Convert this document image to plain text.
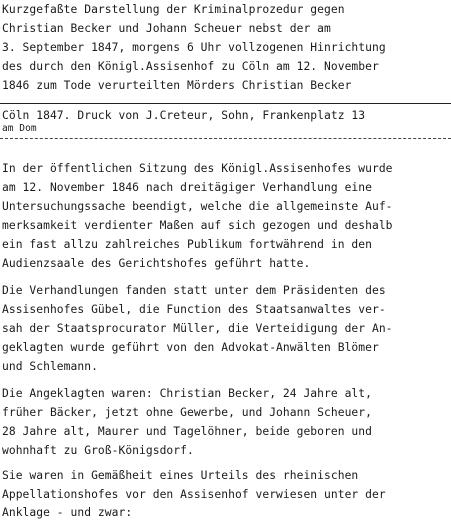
Kurzgefaßte Darstellung der Kriminalprozedur gegen
Christian Becker und Johann Scheuer nebst der am
3. September 1847, morgens 6 Uhr vollzogenen Hinrichtung
des durch den Königl.Assisenhof zu Cöln am 12. November
1846 zum Tode verurteilten Mörders Christian Becker
Cöln 1847. Druck von J.Creteur, Sohn, Frankenplatz 13
am Dom
In der öffentlichen Sitzung des Königl.Assisenhofes wurde
am 12. November 1846 nach dreitägiger Verhandlung eine
Untersuchungssache beendigt, welche die allgemeinste Auf-
merksamkeit verdienter Maßen auf sich gezogen und deshalb
ein fast allzu zahlreiches Publikum fortwährend in den
Audienzsaale des Gerichtshofes geführt hatte.
Die Verhandlungen fanden statt unter dem Präsidenten des
Assisenhofes Gübel, die Function des Staatsanwaltes ver-
sah der Staatsprocurator Müller, die Verteidigung der An-
geklagten wurde geführt von den Advokat-Anwälten Blömer
und Schlemann.
Die Angeklagten waren: Christian Becker, 24 Jahre alt,
früher Bäcker, jetzt ohne Gewerbe, und Johann Scheuer,
28 Jahre alt, Maurer und Tagelöhner, beide geboren und
wohnhaft zu Groß-Königsdorf.
Sie waren in Gemäßheit eines Urteils des rheinischen
Appellationshofes vor den Assisenhof verwiesen unter der
Anklage - und zwar:
